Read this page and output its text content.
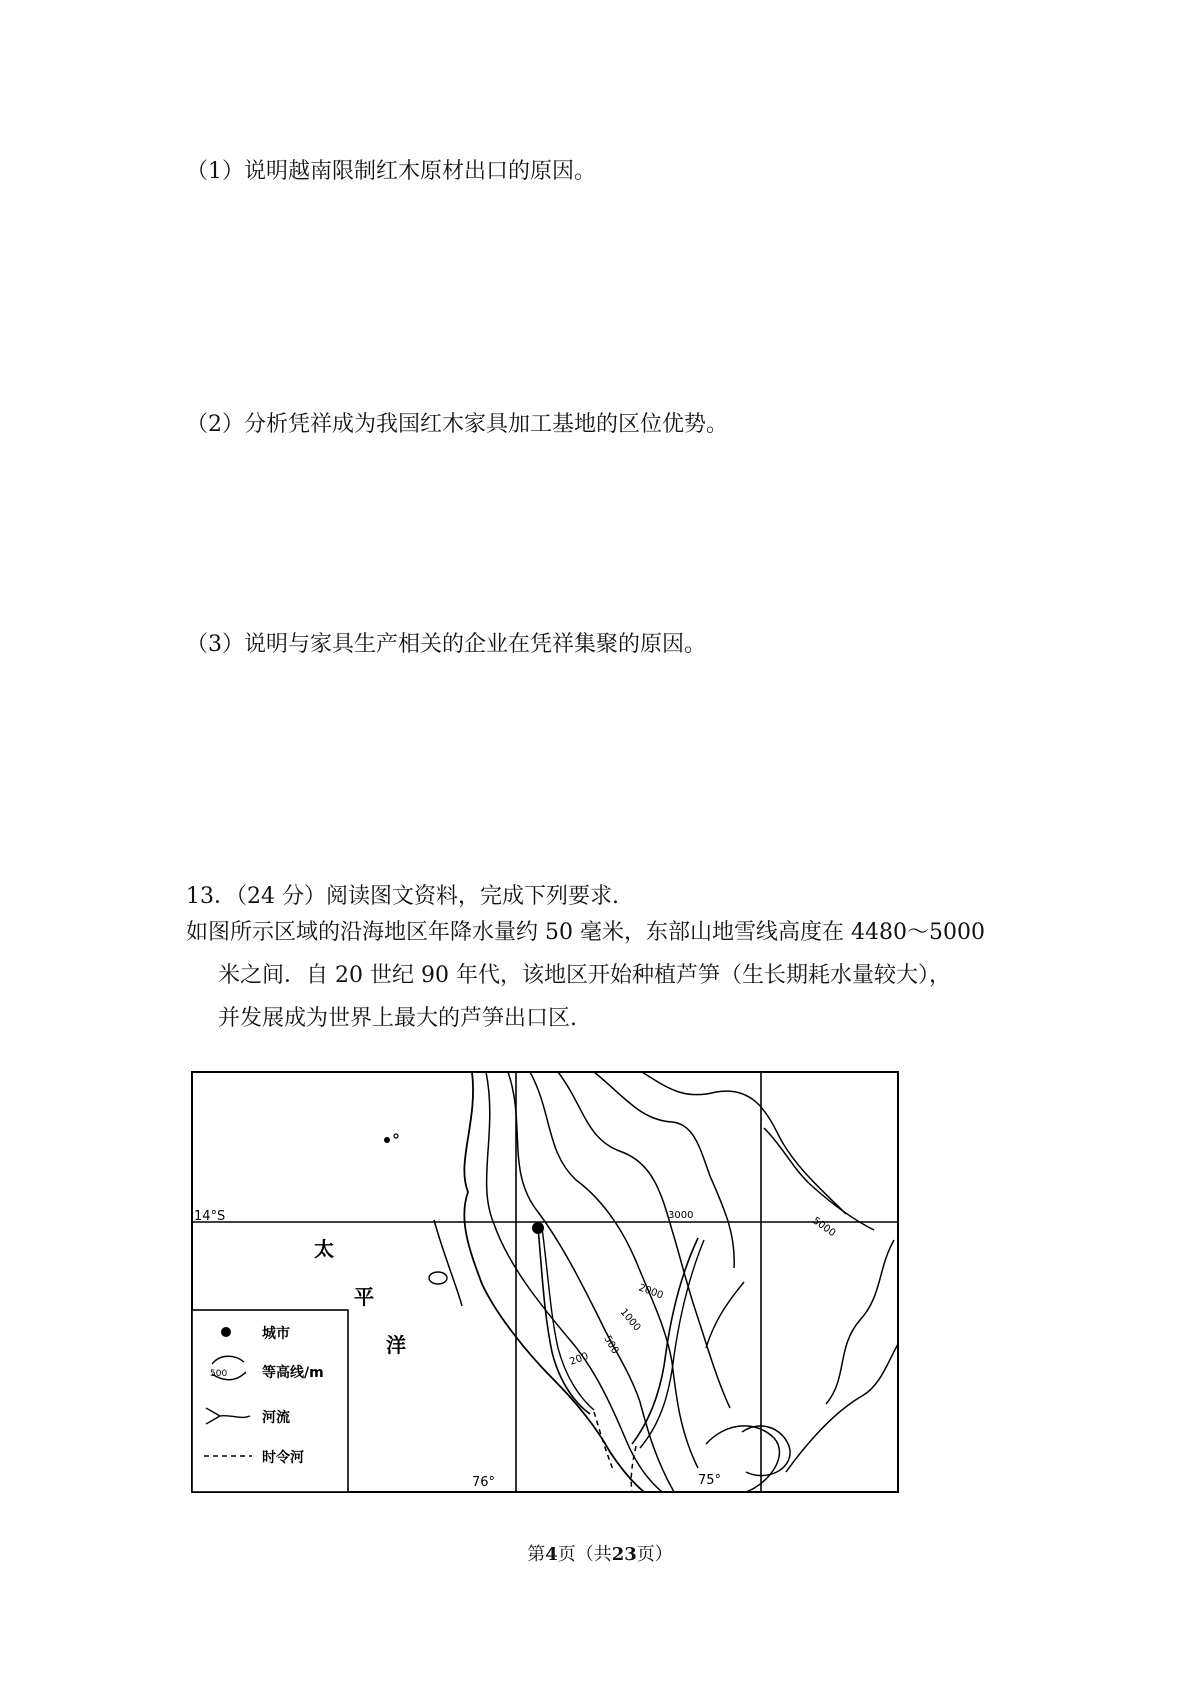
（1）说明越南限制红木原材出口的原因。
（2）分析凭祥成为我国红木家具加工基地的区位优势。
（3）说明与家具生产相关的企业在凭祥集聚的原因。
13．（24 分）阅读图文资料，完成下列要求.
如图所示区域的沿海地区年降水量约 50 毫米，东部山地雪线高度在 4480～5000
米之间．自 20 世纪 90 年代，该地区开始种植芦笋（生长期耗水量较大），
并发展成为世界上最大的芦笋出口区.
14°S
76°	75°
太
平
洋
200
500
1000
2000
3000	5000
城市
500 等高线/m
河流
时令河
第4页（共23页）
